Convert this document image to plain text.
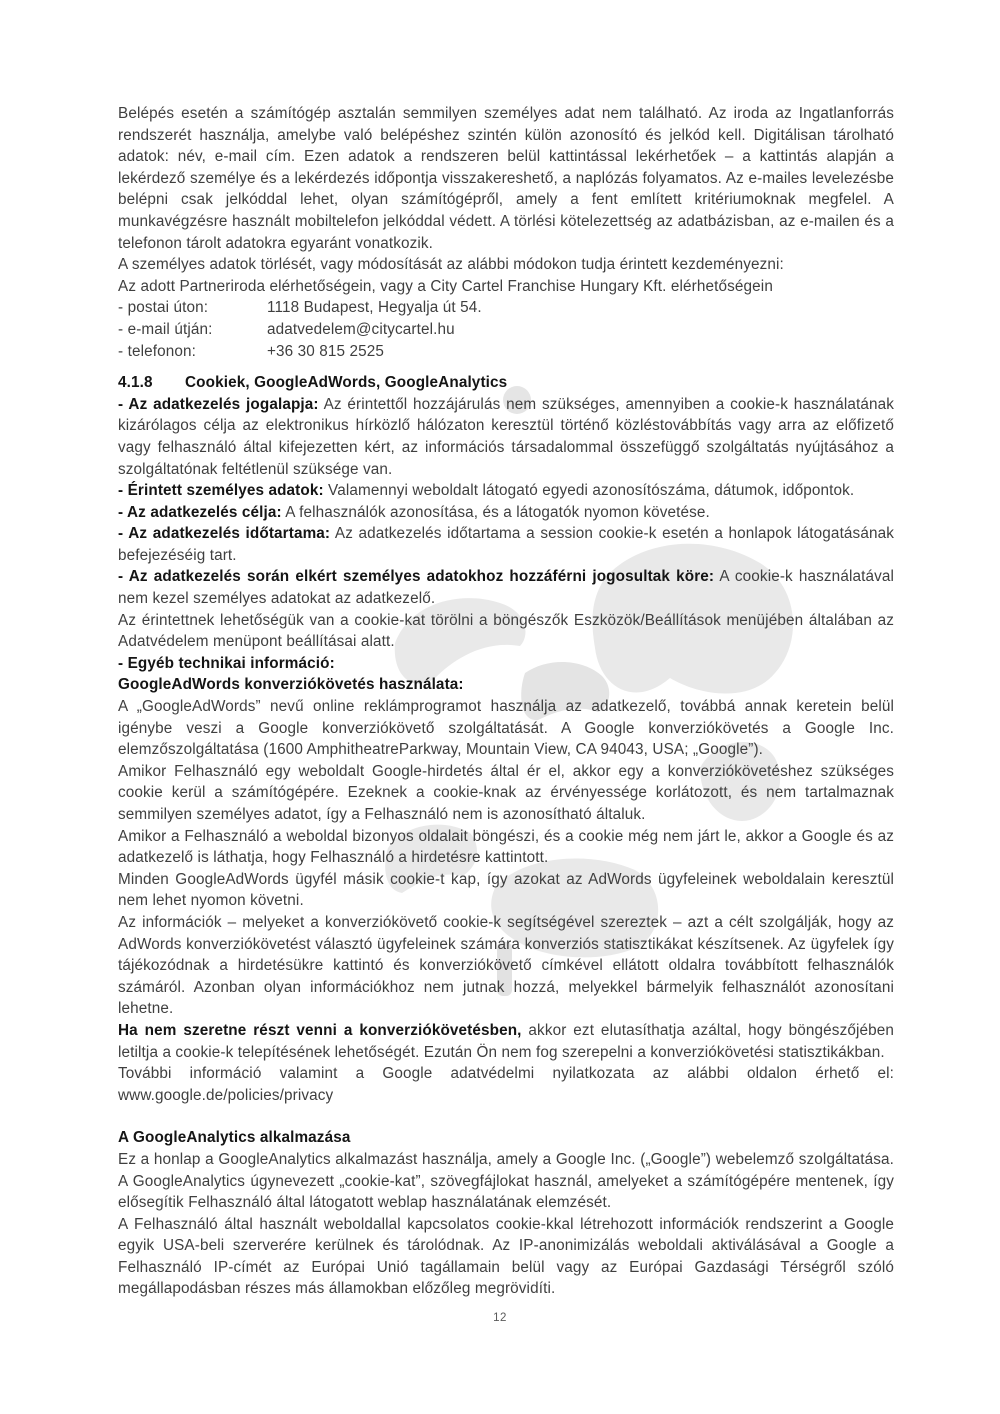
Belépés esetén a számítógép asztalán semmilyen személyes adat nem található. Az iroda az Ingatlanforrás rendszerét használja, amelybe való belépéshez szintén külön azonosító és jelkód kell. Digitálisan tárolható adatok: név, e-mail cím. Ezen adatok a rendszeren belül kattintással lekérhetőek – a kattintás alapján a lekérdező személye és a lekérdezés időpontja visszakereshető, a naplózás folyamatos. Az e-mailes levelezésbe belépni csak jelkóddal lehet, olyan számítógépről, amely a fent említett kritériumoknak megfelel. A munkavégzésre használt mobiltelefon jelkóddal védett. A törlési kötelezettség az adatbázisban, az e-mailen és a telefonon tárolt adatokra egyaránt vonatkozik.

A személyes adatok törlését, vagy módosítását az alábbi módokon tudja érintett kezdeményezni:

Az adott Partneriroda elérhetőségein, vagy a City Cartel Franchise Hungary Kft. elérhetőségein

- postai úton:	1118 Budapest, Hegyalja út 54.
- e-mail útján:	adatvedelem@citycartel.hu
- telefonon:	+36 30 815 2525

4.1.8 Cookiek, GoogleAdWords, GoogleAnalytics

- Az adatkezelés jogalapja: Az érintettől hozzájárulás nem szükséges, amennyiben a cookie-k használatának kizárólagos célja az elektronikus hírközlő hálózaton keresztül történő közléstovábbítás vagy arra az előfizető vagy felhasználó által kifejezetten kért, az információs társadalommal összefüggő szolgáltatás nyújtásához a szolgáltatónak feltétlenül szüksége van.

- Érintett személyes adatok: Valamennyi weboldalt látogató egyedi azonosítószáma, dátumok, időpontok.

- Az adatkezelés célja: A felhasználók azonosítása, és a látogatók nyomon követése.

- Az adatkezelés időtartama: Az adatkezelés időtartama a session cookie-k esetén a honlapok látogatásának befejezéséig tart.

- Az adatkezelés során elkért személyes adatokhoz hozzáférni jogosultak köre: A cookie-k használatával nem kezel személyes adatokat az adatkezelő.

Az érintettnek lehetőségük van a cookie-kat törölni a böngészők Eszközök/Beállítások menüjében általában az Adatvédelem menüpont beállításai alatt.

- Egyéb technikai információ:

GoogleAdWords konverziókövetés használata:

A „GoogleAdWords” nevű online reklámprogramot használja az adatkezelő, továbbá annak keretein belül igénybe veszi a Google konverziókövető szolgáltatását. A Google konverziókövetés a Google Inc. elemzőszolgáltatása (1600 AmphitheatreParkway, Mountain View, CA 94043, USA; „Google”).

Amikor Felhasználó egy weboldalt Google-hirdetés által ér el, akkor egy a konverziókövetéshez szükséges cookie kerül a számítógépére. Ezeknek a cookie-knak az érvényessége korlátozott, és nem tartalmaznak semmilyen személyes adatot, így a Felhasználó nem is azonosítható általuk.

Amikor a Felhasználó a weboldal bizonyos oldalait böngészi, és a cookie még nem járt le, akkor a Google és az adatkezelő is láthatja, hogy Felhasználó a hirdetésre kattintott.

Minden GoogleAdWords ügyfél másik cookie-t kap, így azokat az AdWords ügyfeleinek weboldalain keresztül nem lehet nyomon követni.

Az információk – melyeket a konverziókövető cookie-k segítségével szereztek – azt a célt szolgálják, hogy az AdWords konverziókövetést választó ügyfeleinek számára konverziós statisztikákat készítsenek. Az ügyfelek így tájékozódnak a hirdetésükre kattintó és konverziókövető címkével ellátott oldalra továbbított felhasználók számáról. Azonban olyan információkhoz nem jutnak hozzá, melyekkel bármelyik felhasználót azonosítani lehetne.

Ha nem szeretne részt venni a konverziókövetésben, akkor ezt elutasíthatja azáltal, hogy böngészőjében letiltja a cookie-k telepítésének lehetőségét. Ezután Ön nem fog szerepelni a konverziókövetési statisztikákban.

További információ valamint a Google adatvédelmi nyilatkozata az alábbi oldalon érhető el: www.google.de/policies/privacy

A GoogleAnalytics alkalmazása

Ez a honlap a GoogleAnalytics alkalmazást használja, amely a Google Inc. („Google”) webelemző szolgáltatása. A GoogleAnalytics úgynevezett „cookie-kat”, szövegfájlokat használ, amelyeket a számítógépére mentenek, így elősegítik Felhasználó által látogatott weblap használatának elemzését.

A Felhasználó által használt weboldallal kapcsolatos cookie-kkal létrehozott információk rendszerint a Google egyik USA-beli szerverére kerülnek és tárolódnak. Az IP-anonimizálás weboldali aktiválásával a Google a Felhasználó IP-címét az Európai Unió tagállamain belül vagy az Európai Gazdasági Térségről szóló megállapodásban részes más államokban előzőleg megrövidíti.

12
